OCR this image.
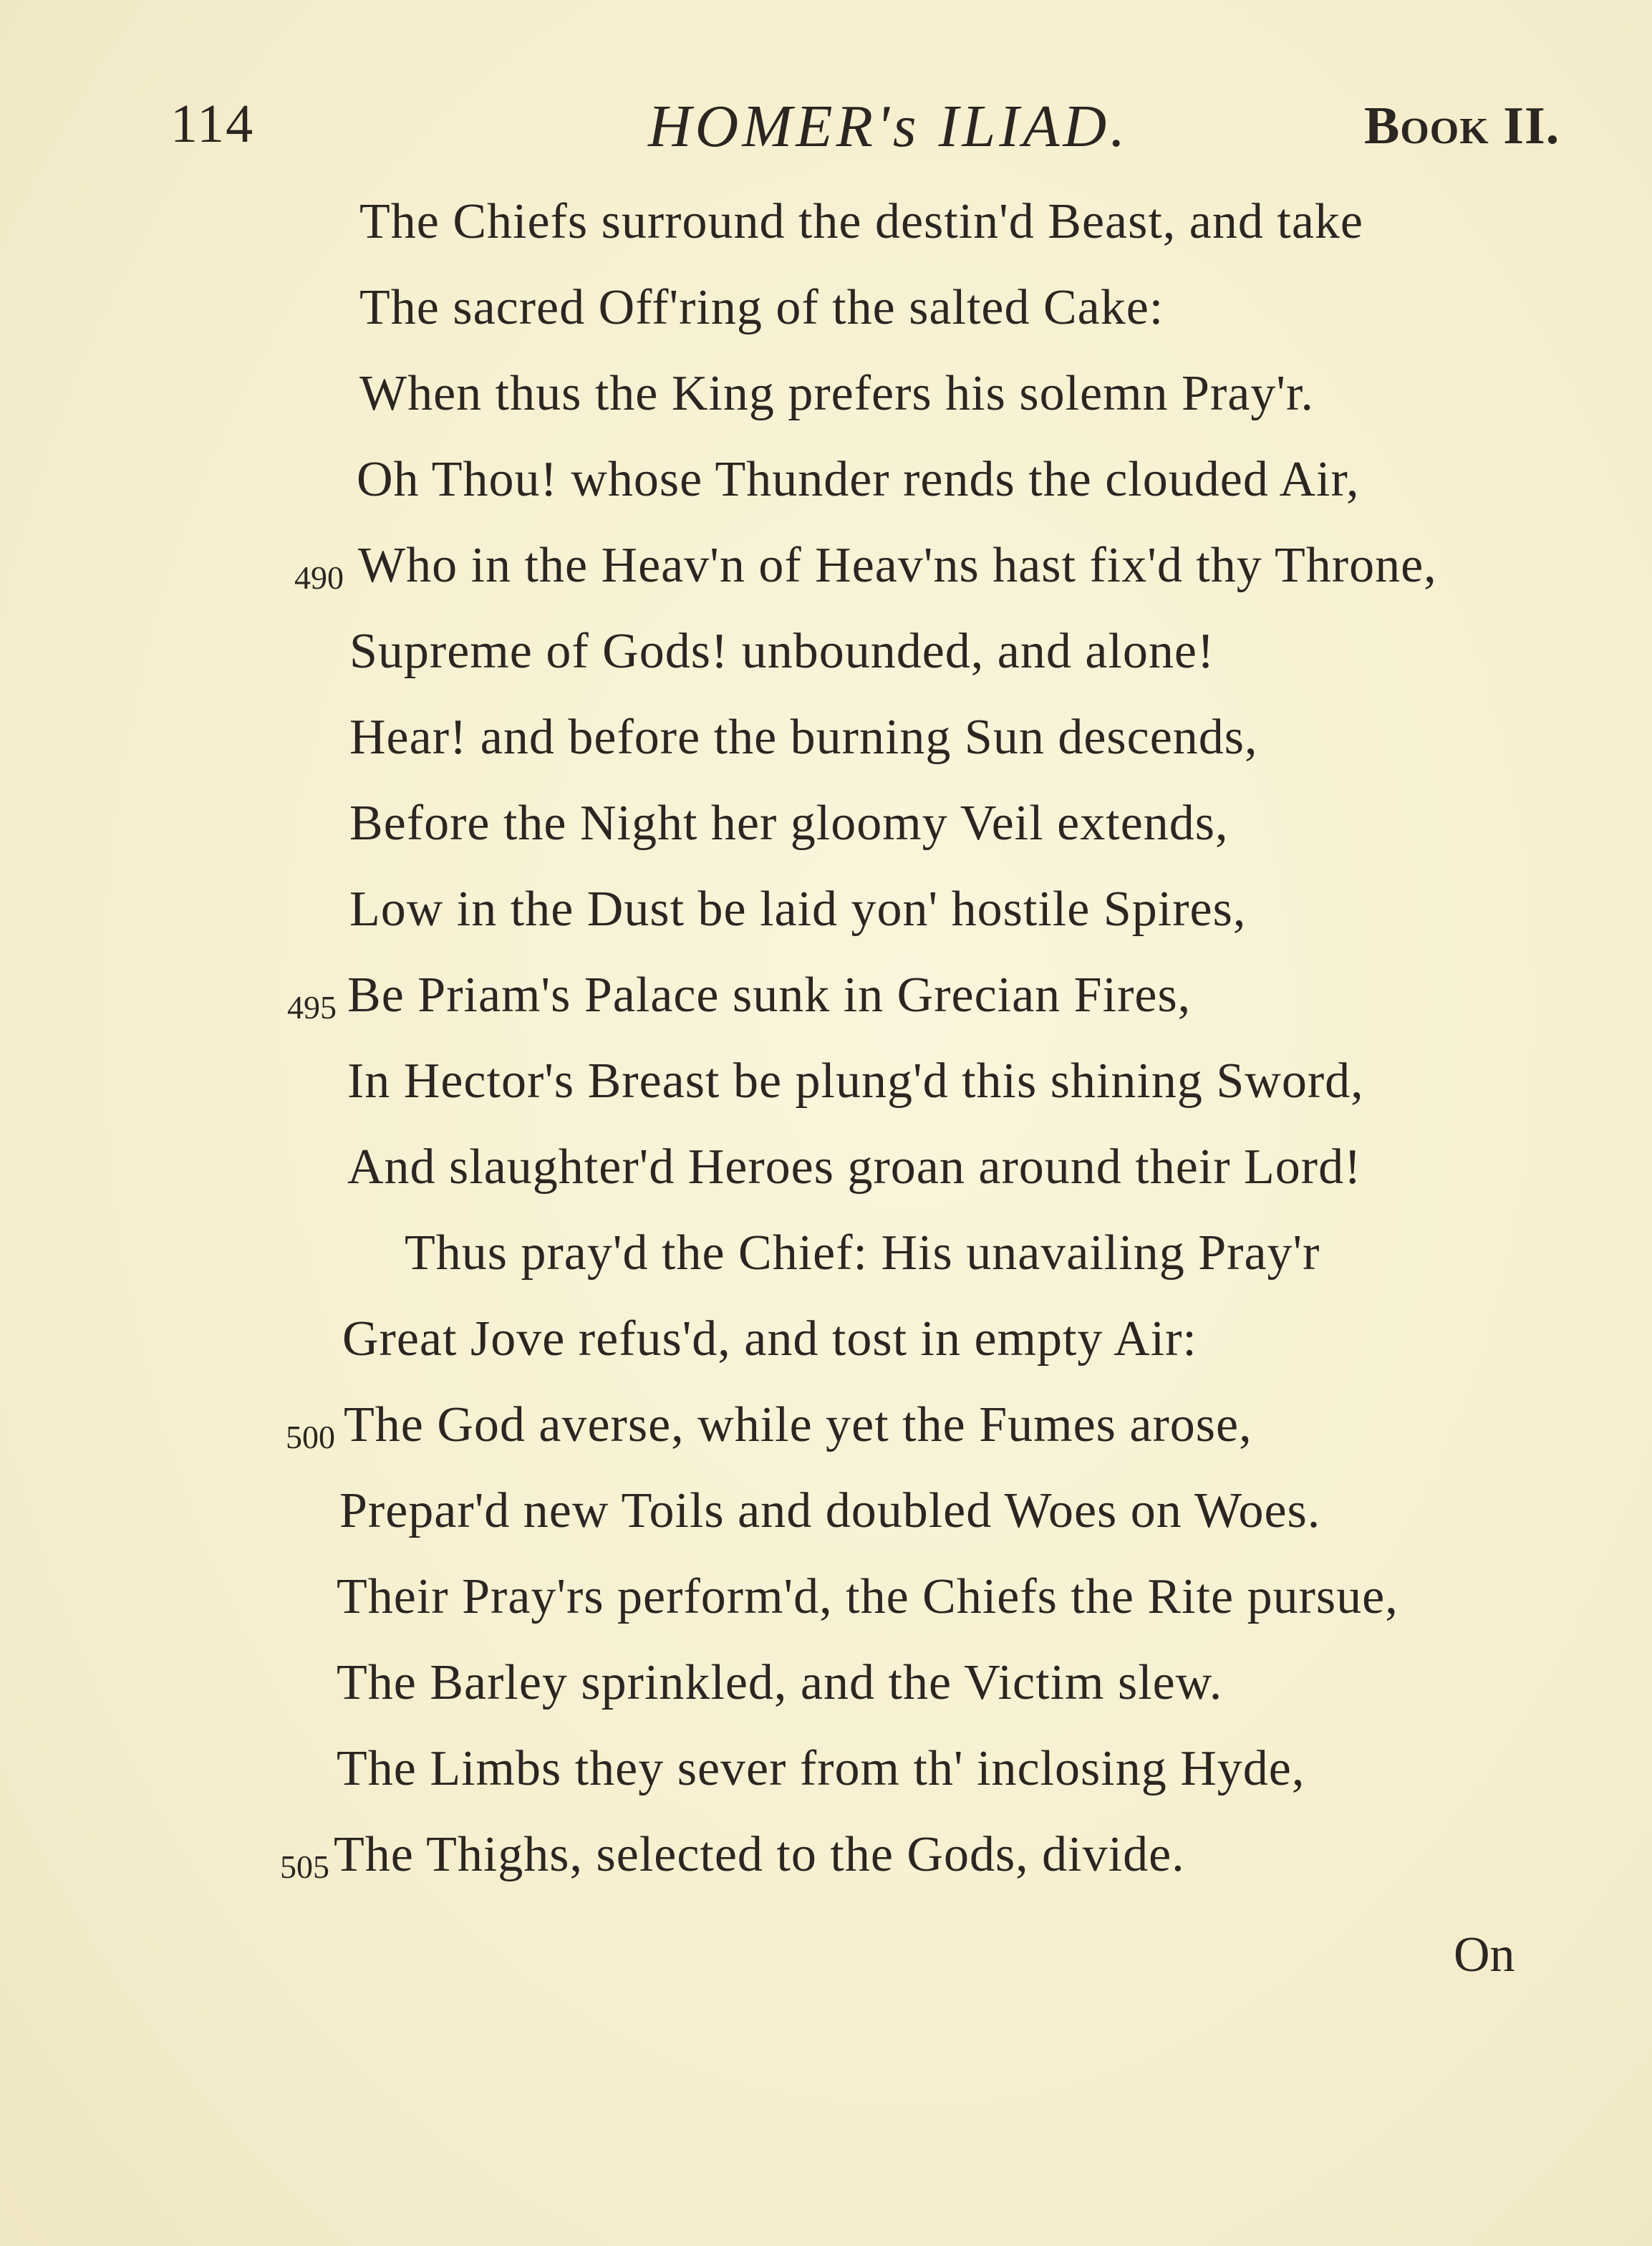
114	HOMER's ILIAD.	Book II.
The Chiefs surround the destin'd Beast, and take
The sacred Off'ring of the salted Cake:
When thus the King prefers his solemn Pray'r.
Oh Thou! whose Thunder rends the clouded Air,
490 Who in the Heav'n of Heav'ns hast fix'd thy Throne,
Supreme of Gods! unbounded, and alone!
Hear! and before the burning Sun descends,
Before the Night her gloomy Veil extends,
Low in the Dust be laid yon' hostile Spires,
495 Be Priam's Palace sunk in Grecian Fires,
In Hector's Breast be plung'd this shining Sword,
And slaughter'd Heroes groan around their Lord!
Thus pray'd the Chief: His unavailing Pray'r
Great Jove refus'd, and tost in empty Air:
500 The God averse, while yet the Fumes arose,
Prepar'd new Toils and doubled Woes on Woes.
Their Pray'rs perform'd, the Chiefs the Rite pursue,
The Barley sprinkled, and the Victim slew.
The Limbs they sever from th' inclosing Hyde,
505 The Thighs, selected to the Gods, divide.
On
